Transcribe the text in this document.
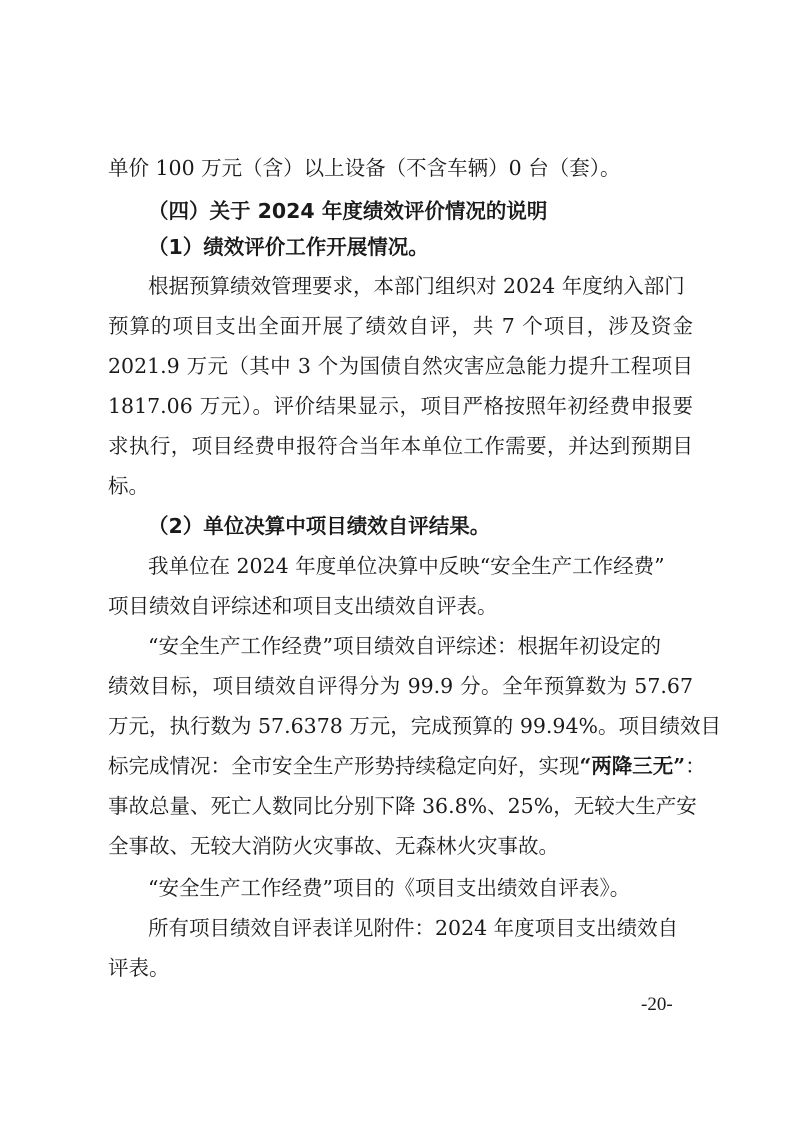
单价 100 万元（含）以上设备（不含车辆）0 台（套）。
（四）关于 2024 年度绩效评价情况的说明
（1）绩效评价工作开展情况。
根据预算绩效管理要求，本部门组织对 2024 年度纳入部门
预算的项目支出全面开展了绩效自评，共 7 个项目，涉及资金
2021.9 万元（其中 3 个为国债自然灾害应急能力提升工程项目
1817.06 万元）。评价结果显示，项目严格按照年初经费申报要
求执行，项目经费申报符合当年本单位工作需要，并达到预期目
标。
（2）单位决算中项目绩效自评结果。
我单位在 2024 年度单位决算中反映“安全生产工作经费”
项目绩效自评综述和项目支出绩效自评表。
“安全生产工作经费”项目绩效自评综述：根据年初设定的
绩效目标，项目绩效自评得分为 99.9 分。全年预算数为 57.67
万元，执行数为 57.6378 万元，完成预算的 99.94%。项目绩效目
标完成情况：全市安全生产形势持续稳定向好，实现“两降三无”：
事故总量、死亡人数同比分别下降 36.8%、25%，无较大生产安
全事故、无较大消防火灾事故、无森林火灾事故。
“安全生产工作经费”项目的《项目支出绩效自评表》。
所有项目绩效自评表详见附件：2024 年度项目支出绩效自
评表。
-20-
